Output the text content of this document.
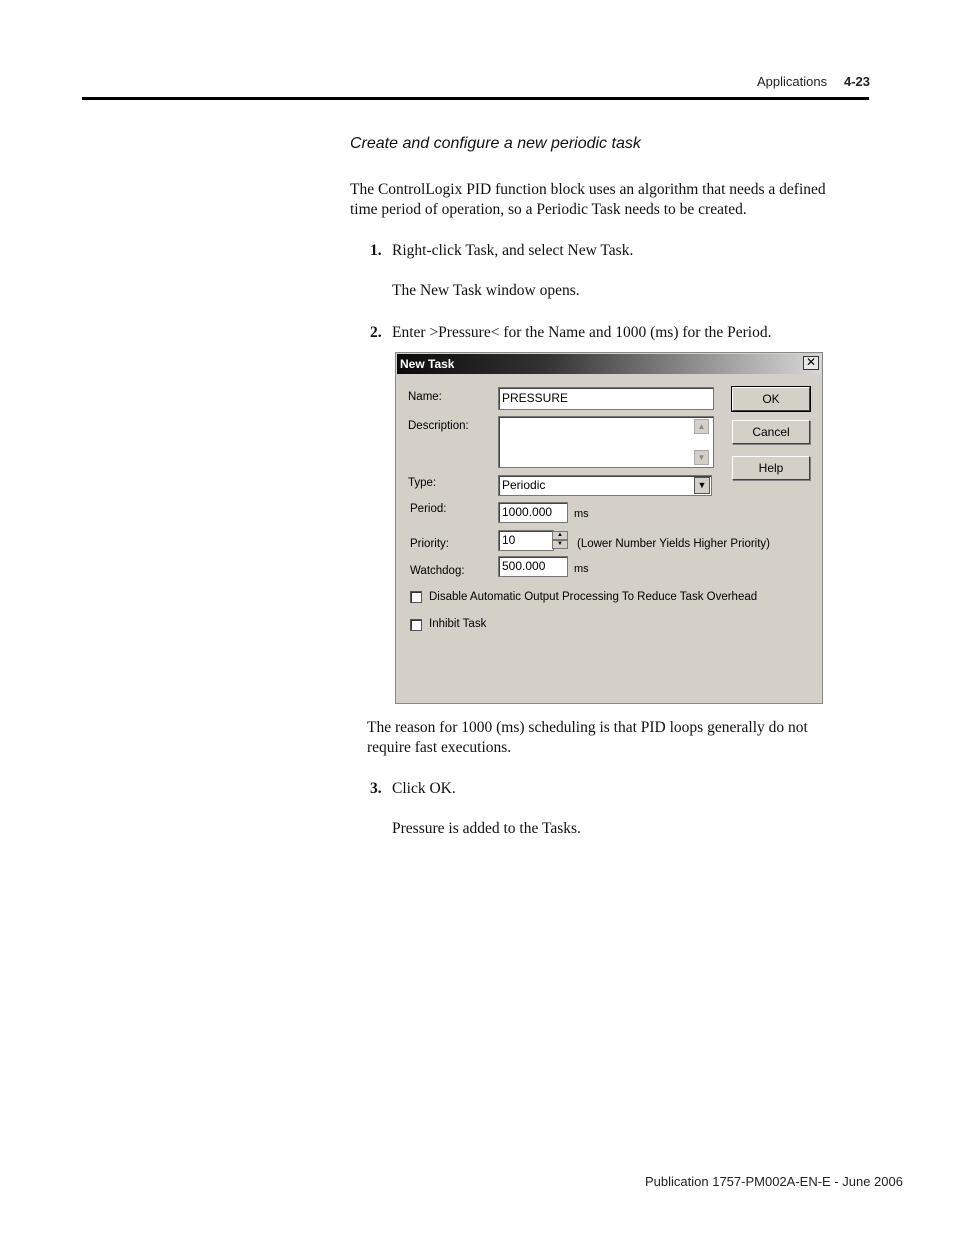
Applications 4-23
Create and configure a new periodic task
The ControlLogix PID function block uses an algorithm that needs a defined
time period of operation, so a Periodic Task needs to be created.
1. Right-click Task, and select New Task.
The New Task window opens.
2. Enter >Pressure< for the Name and 1000 (ms) for the Period.
New Task	✕
Name:	PRESSURE
Description:	▲
▼
Type:	Periodic	▼
Period:	1000.000	ms
Priority:	10	▲
▼	(Lower Number Yields Higher Priority)
Watchdog:	500.000	ms
Disable Automatic Output Processing To Reduce Task Overhead
Inhibit Task
OK
Cancel
Help
The reason for 1000 (ms) scheduling is that PID loops generally do not
require fast executions.
3. Click OK.
Pressure is added to the Tasks.
Publication 1757-PM002A-EN-E - June 2006
